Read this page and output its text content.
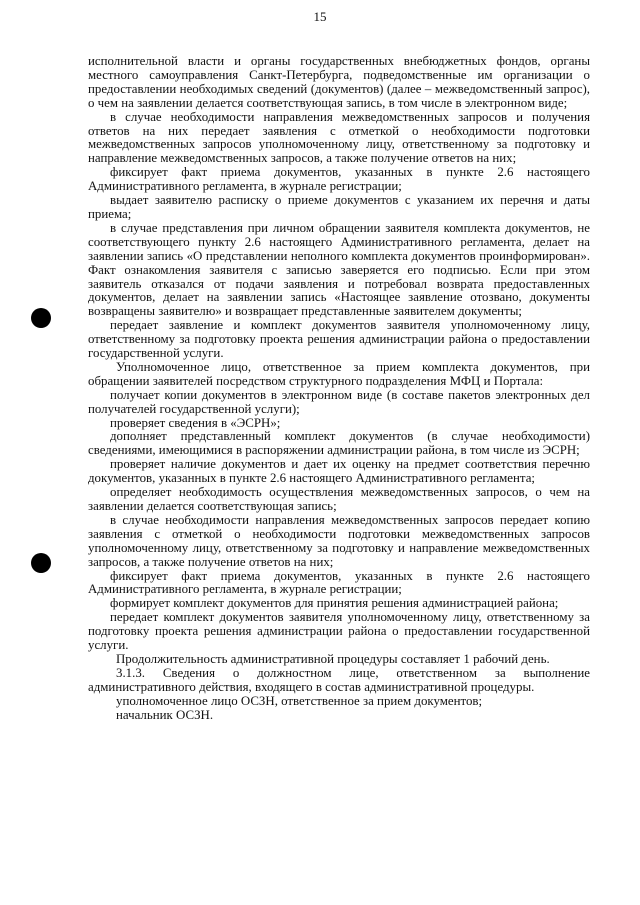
15

исполнительной власти и органы государственных внебюджетных фондов, органы местного самоуправления Санкт-Петербурга, подведомственные им организации о предоставлении необходимых сведений (документов) (далее – межведомственный запрос), о чем на заявлении делается соответствующая запись, в том числе в электронном виде;

в случае необходимости направления межведомственных запросов и получения ответов на них передает заявления с отметкой о необходимости подготовки межведомственных запросов уполномоченному лицу, ответственному за подготовку и направление межведомственных запросов, а также получение ответов на них;

фиксирует факт приема документов, указанных в пункте 2.6 настоящего Административного регламента, в журнале регистрации;

выдает заявителю расписку о приеме документов с указанием их перечня и даты приема;

в случае представления при личном обращении заявителя комплекта документов, не соответствующего пункту 2.6 настоящего Административного регламента, делает на заявлении запись «О представлении неполного комплекта документов проинформирован». Факт ознакомления заявителя с записью заверяется его подписью. Если при этом заявитель отказался от подачи заявления и потребовал возврата предоставленных документов, делает на заявлении запись «Настоящее заявление отозвано, документы возвращены заявителю» и возвращает представленные заявителем документы;

передает заявление и комплект документов заявителя уполномоченному лицу, ответственному за подготовку проекта решения администрации района о предоставлении государственной услуги.

Уполномоченное лицо, ответственное за прием комплекта документов, при обращении заявителей посредством структурного подразделения МФЦ и Портала:

получает копии документов в электронном виде (в составе пакетов электронных дел получателей государственной услуги);

проверяет сведения в «ЭСРН»;

дополняет представленный комплект документов (в случае необходимости) сведениями, имеющимися в распоряжении администрации района, в том числе из ЭСРН;

проверяет наличие документов и дает их оценку на предмет соответствия перечню документов, указанных в пункте 2.6 настоящего Административного регламента;

определяет необходимость осуществления межведомственных запросов, о чем на заявлении делается соответствующая запись;

в случае необходимости направления межведомственных запросов передает копию заявления с отметкой о необходимости подготовки межведомственных запросов уполномоченному лицу, ответственному за подготовку и направление межведомственных запросов, а также получение ответов на них;

фиксирует факт приема документов, указанных в пункте 2.6 настоящего Административного регламента, в журнале регистрации;

формирует комплект документов для принятия решения администрацией района;

передает комплект документов заявителя уполномоченному лицу, ответственному за подготовку проекта решения администрации района о предоставлении государственной услуги.

Продолжительность административной процедуры составляет 1 рабочий день.

3.1.3. Сведения о должностном лице, ответственном за выполнение административного действия, входящего в состав административной процедуры.

уполномоченное лицо ОСЗН, ответственное за прием документов;

начальник ОСЗН.
